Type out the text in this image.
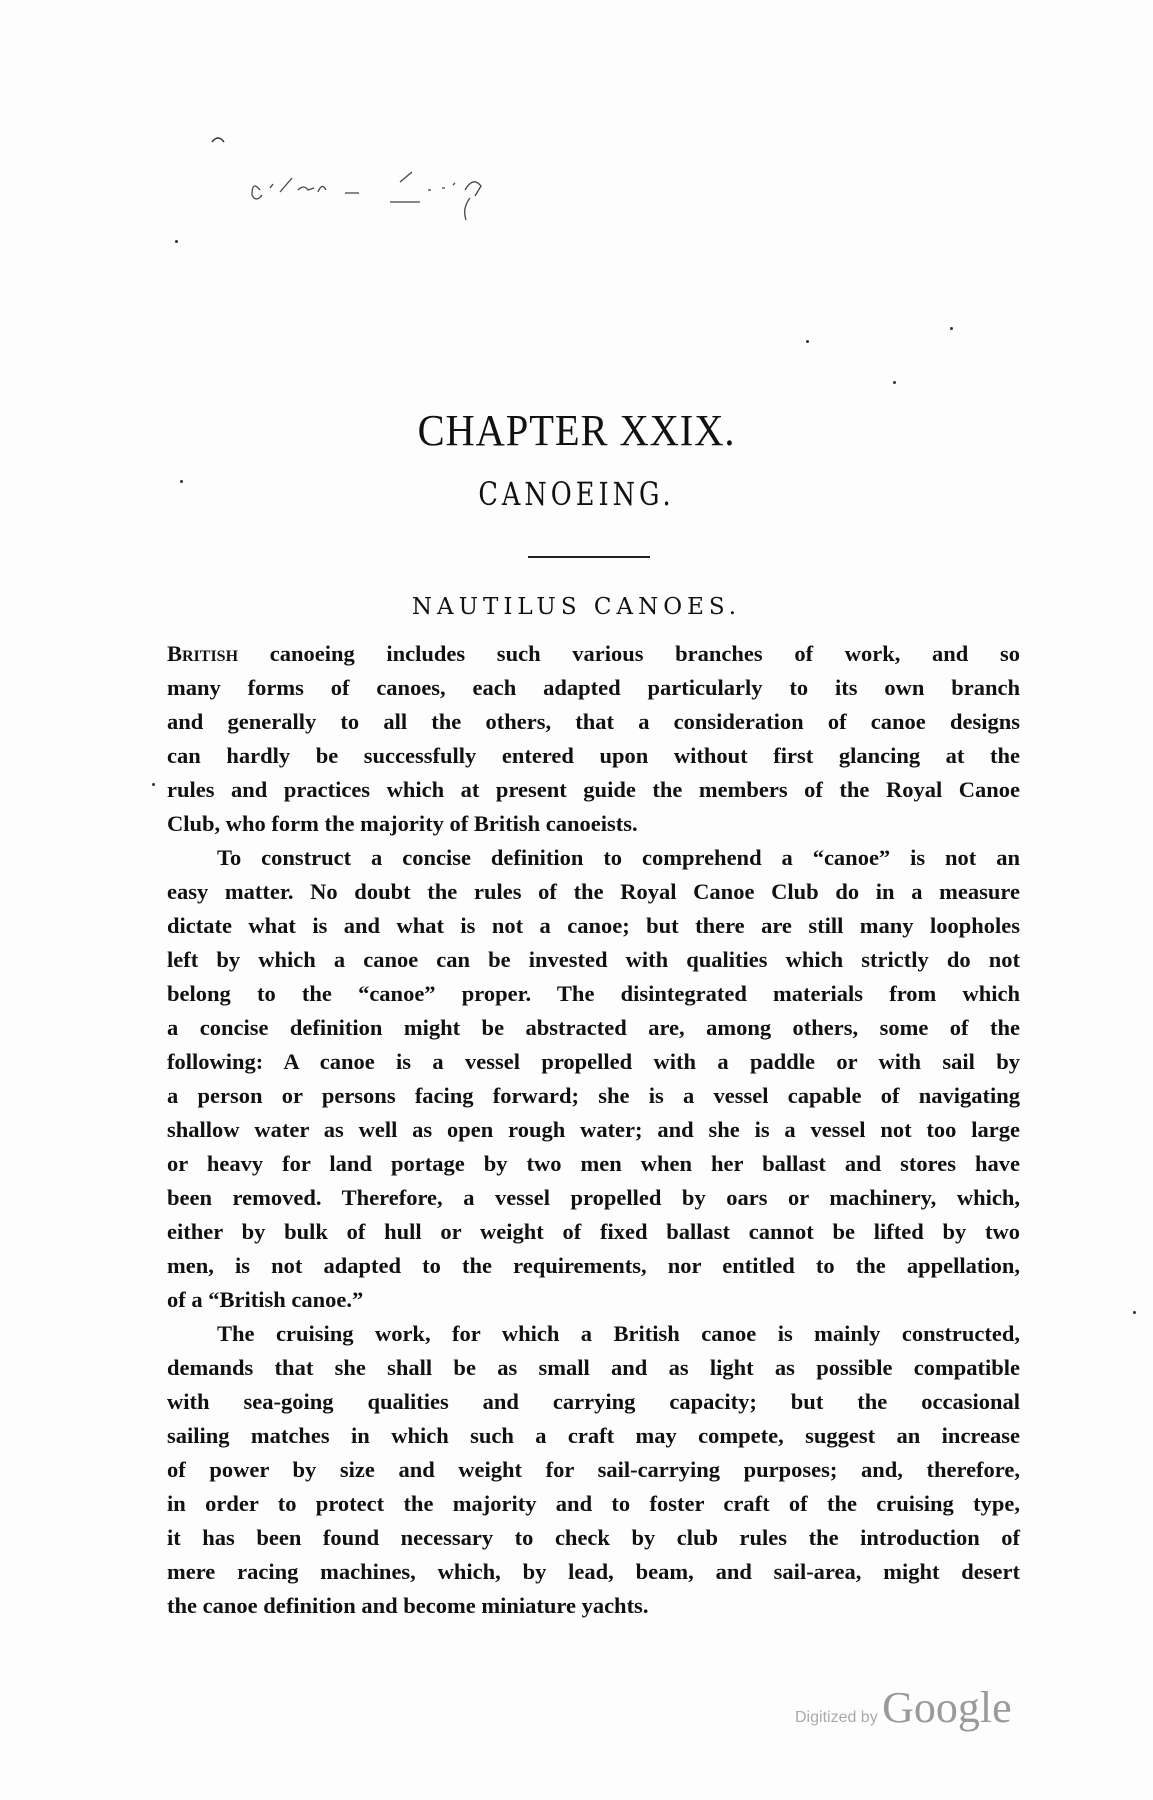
CHAPTER XXIX.
CANOEING.
NAUTILUS CANOES.
British canoeing includes such various branches of work, and so
many forms of canoes, each adapted particularly to its own branch
and generally to all the others, that a consideration of canoe designs
can hardly be successfully entered upon without first glancing at the
rules and practices which at present guide the members of the Royal Canoe
Club, who form the majority of British canoeists.
To construct a concise definition to comprehend a “canoe” is not an
easy matter. No doubt the rules of the Royal Canoe Club do in a measure
dictate what is and what is not a canoe; but there are still many loopholes
left by which a canoe can be invested with qualities which strictly do not
belong to the “canoe” proper. The disintegrated materials from which
a concise definition might be abstracted are, among others, some of the
following: A canoe is a vessel propelled with a paddle or with sail by
a person or persons facing forward; she is a vessel capable of navigating
shallow water as well as open rough water; and she is a vessel not too large
or heavy for land portage by two men when her ballast and stores have
been removed. Therefore, a vessel propelled by oars or machinery, which,
either by bulk of hull or weight of fixed ballast cannot be lifted by two
men, is not adapted to the requirements, nor entitled to the appellation,
of a “British canoe.”
The cruising work, for which a British canoe is mainly constructed,
demands that she shall be as small and as light as possible compatible
with sea-going qualities and carrying capacity; but the occasional
sailing matches in which such a craft may compete, suggest an increase
of power by size and weight for sail-carrying purposes; and, therefore,
in order to protect the majority and to foster craft of the cruising type,
it has been found necessary to check by club rules the introduction of
mere racing machines, which, by lead, beam, and sail-area, might desert
the canoe definition and become miniature yachts.
Digitized by Google
